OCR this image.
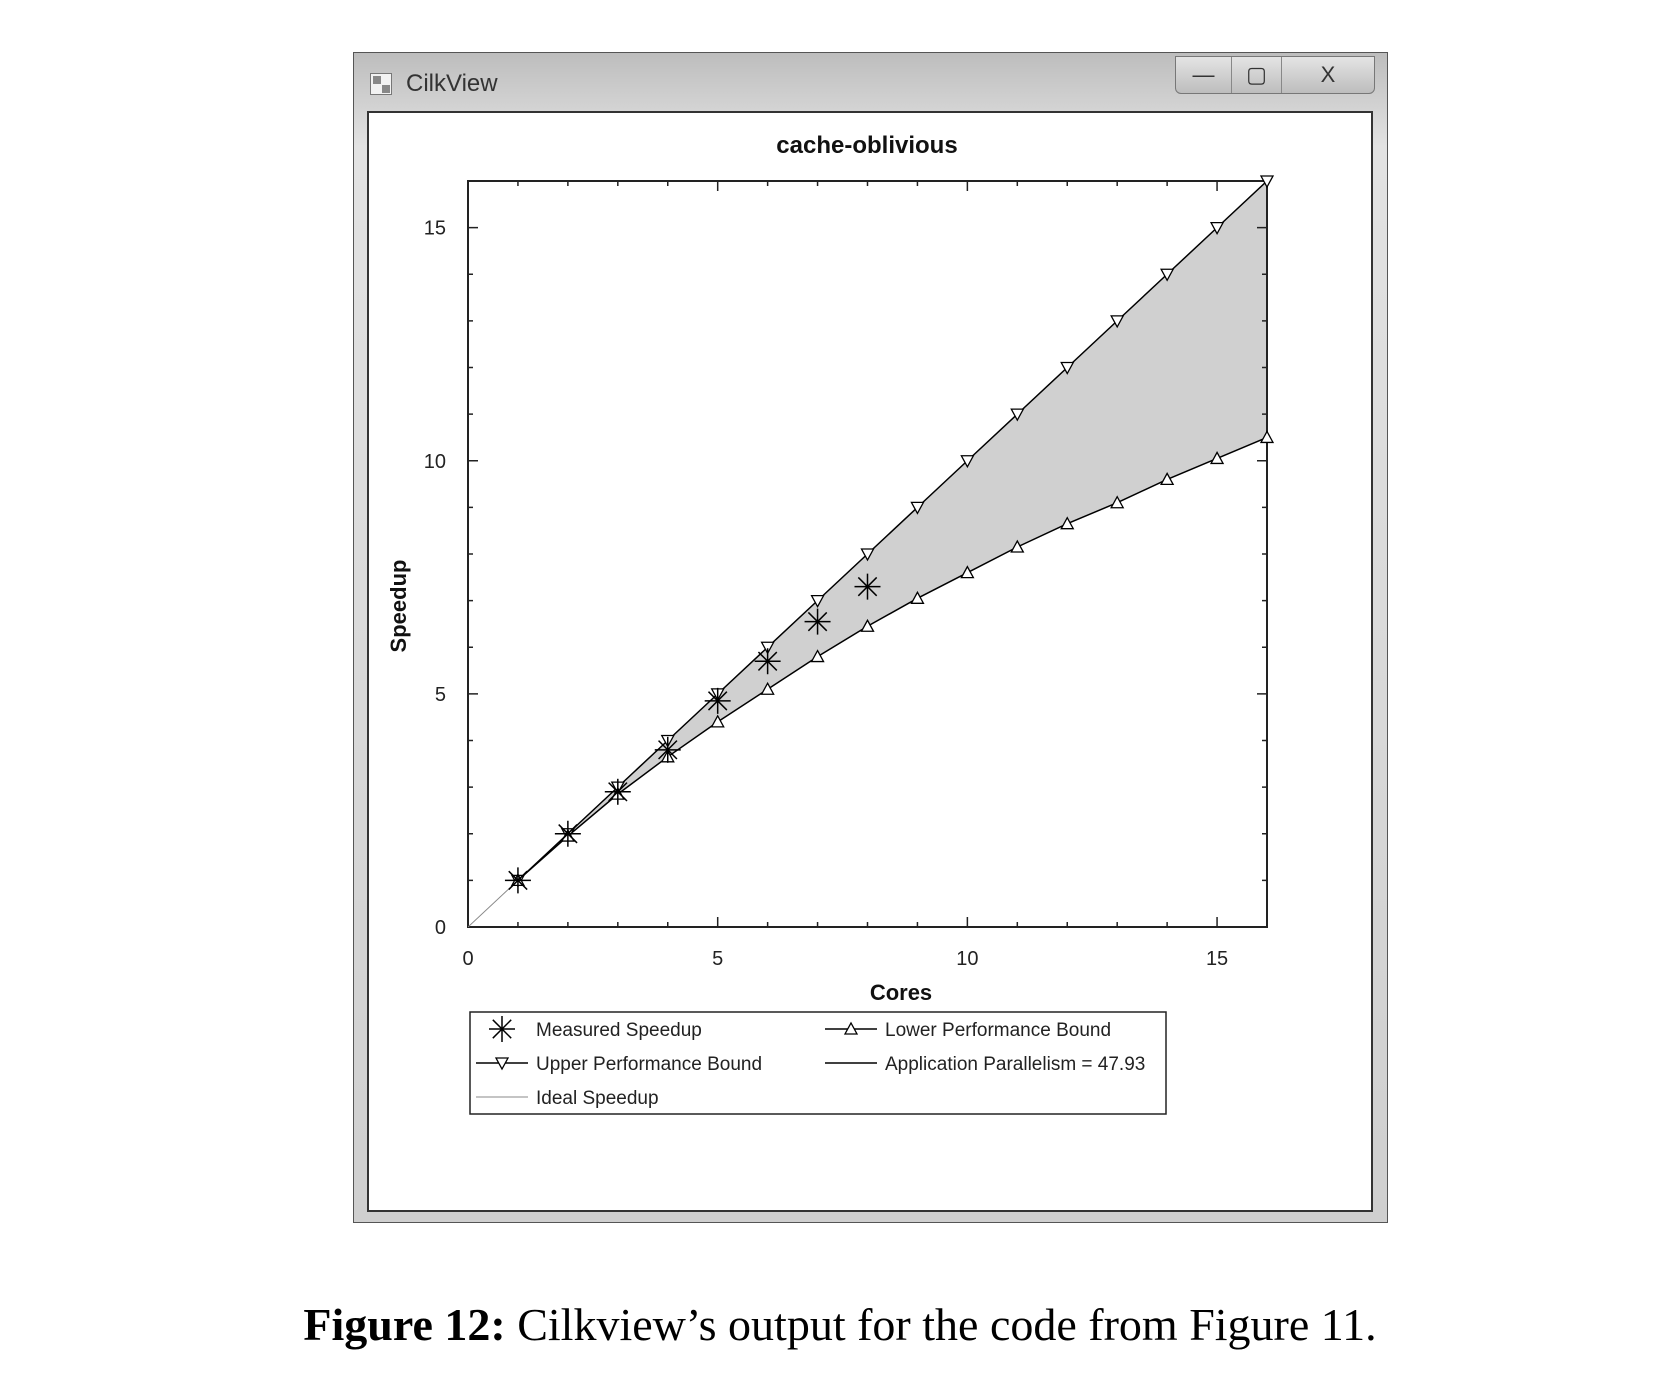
CilkView	—	▢	X
cache-oblivious
Speedup
Cores
0	5	10	15
0
5
10
15
Measured Speedup	Lower Performance Bound
Upper Performance Bound	Application Parallelism = 47.93
Ideal Speedup
Figure 12: Cilkview’s output for the code from Figure 11.
